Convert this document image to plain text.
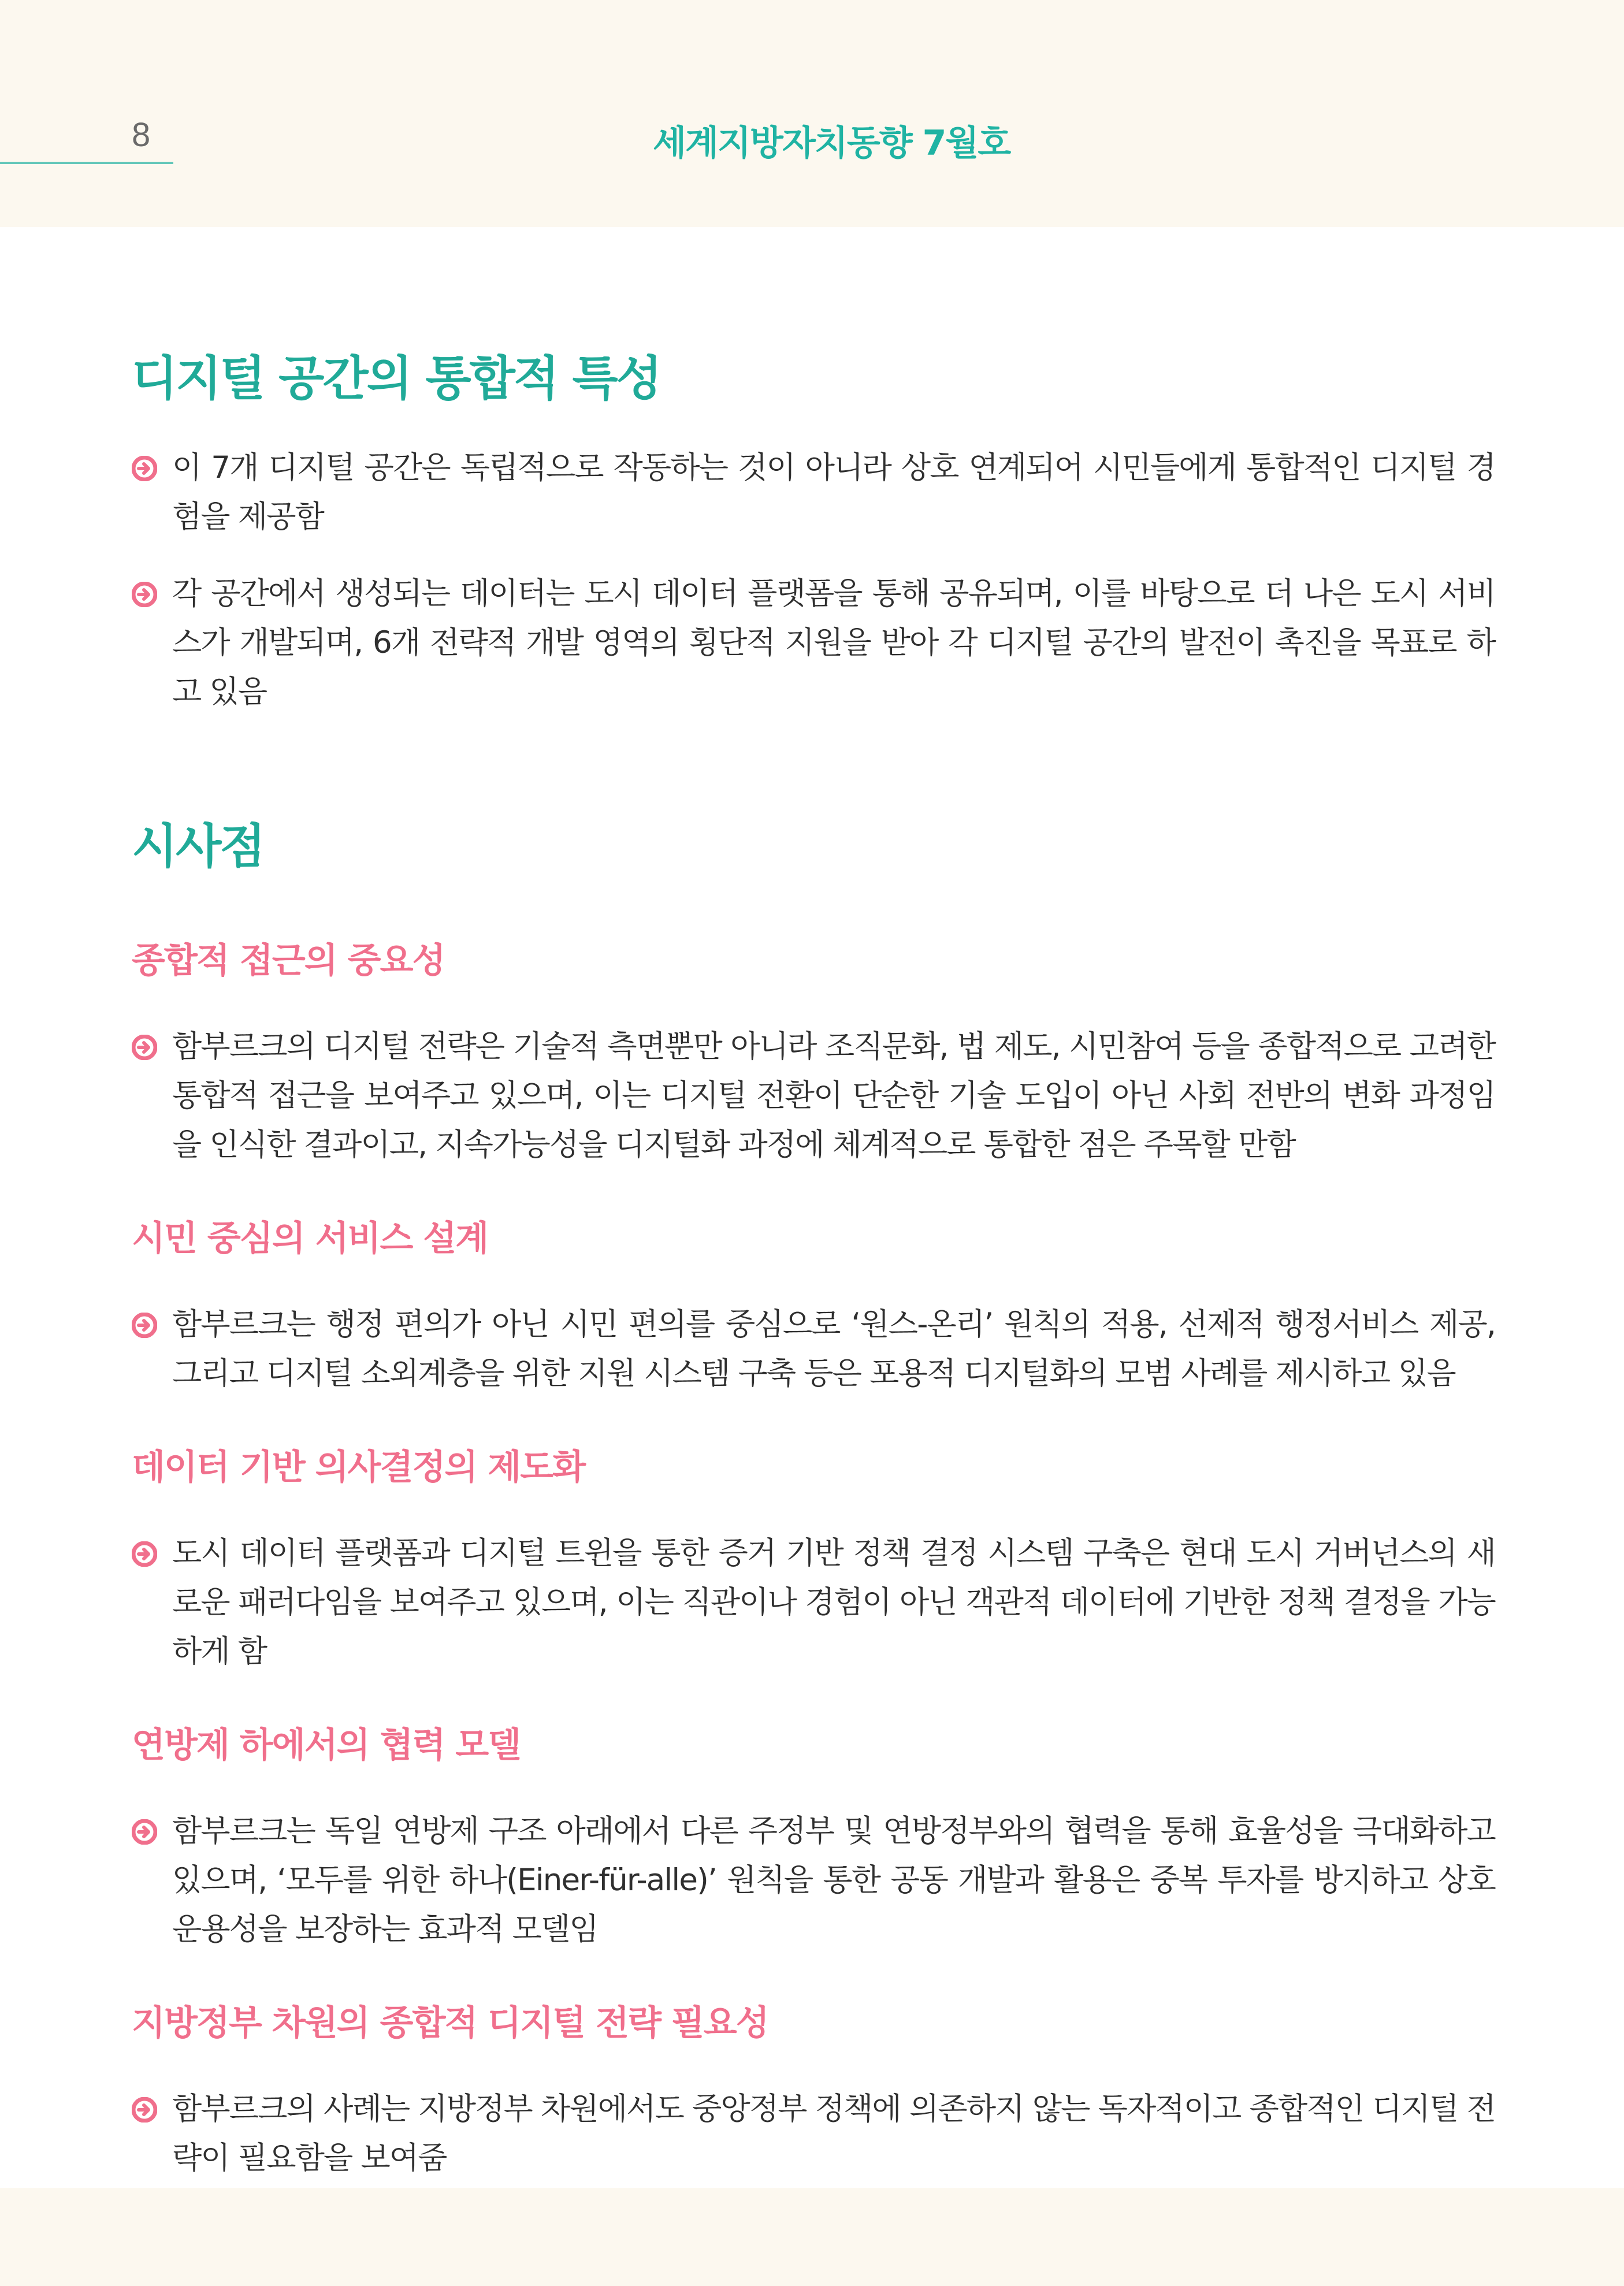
8	세계지방자치동향 7월호
디지털 공간의 통합적 특성
이 7개 디지털 공간은 독립적으로 작동하는 것이 아니라 상호 연계되어 시민들에게 통합적인 디지털 경험을 제공함
각 공간에서 생성되는 데이터는 도시 데이터 플랫폼을 통해 공유되며, 이를 바탕으로 더 나은 도시 서비스가 개발되며, 6개 전략적 개발 영역의 횡단적 지원을 받아 각 디지털 공간의 발전이 촉진을 목표로 하고 있음
시사점
종합적 접근의 중요성
함부르크의 디지털 전략은 기술적 측면뿐만 아니라 조직문화, 법 제도, 시민참여 등을 종합적으로 고려한 통합적 접근을 보여주고 있으며, 이는 디지털 전환이 단순한 기술 도입이 아닌 사회 전반의 변화 과정임을 인식한 결과이고, 지속가능성을 디지털화 과정에 체계적으로 통합한 점은 주목할 만함
시민 중심의 서비스 설계
함부르크는 행정 편의가 아닌 시민 편의를 중심으로 ‘원스-온리’ 원칙의 적용, 선제적 행정서비스 제공, 그리고 디지털 소외계층을 위한 지원 시스템 구축 등은 포용적 디지털화의 모범 사례를 제시하고 있음
데이터 기반 의사결정의 제도화
도시 데이터 플랫폼과 디지털 트윈을 통한 증거 기반 정책 결정 시스템 구축은 현대 도시 거버넌스의 새로운 패러다임을 보여주고 있으며, 이는 직관이나 경험이 아닌 객관적 데이터에 기반한 정책 결정을 가능하게 함
연방제 하에서의 협력 모델
함부르크는 독일 연방제 구조 아래에서 다른 주정부 및 연방정부와의 협력을 통해 효율성을 극대화하고 있으며, ‘모두를 위한 하나(Einer-für-alle)’ 원칙을 통한 공동 개발과 활용은 중복 투자를 방지하고 상호 운용성을 보장하는 효과적 모델임
지방정부 차원의 종합적 디지털 전략 필요성
함부르크의 사례는 지방정부 차원에서도 중앙정부 정책에 의존하지 않는 독자적이고 종합적인 디지털 전략이 필요함을 보여줌
